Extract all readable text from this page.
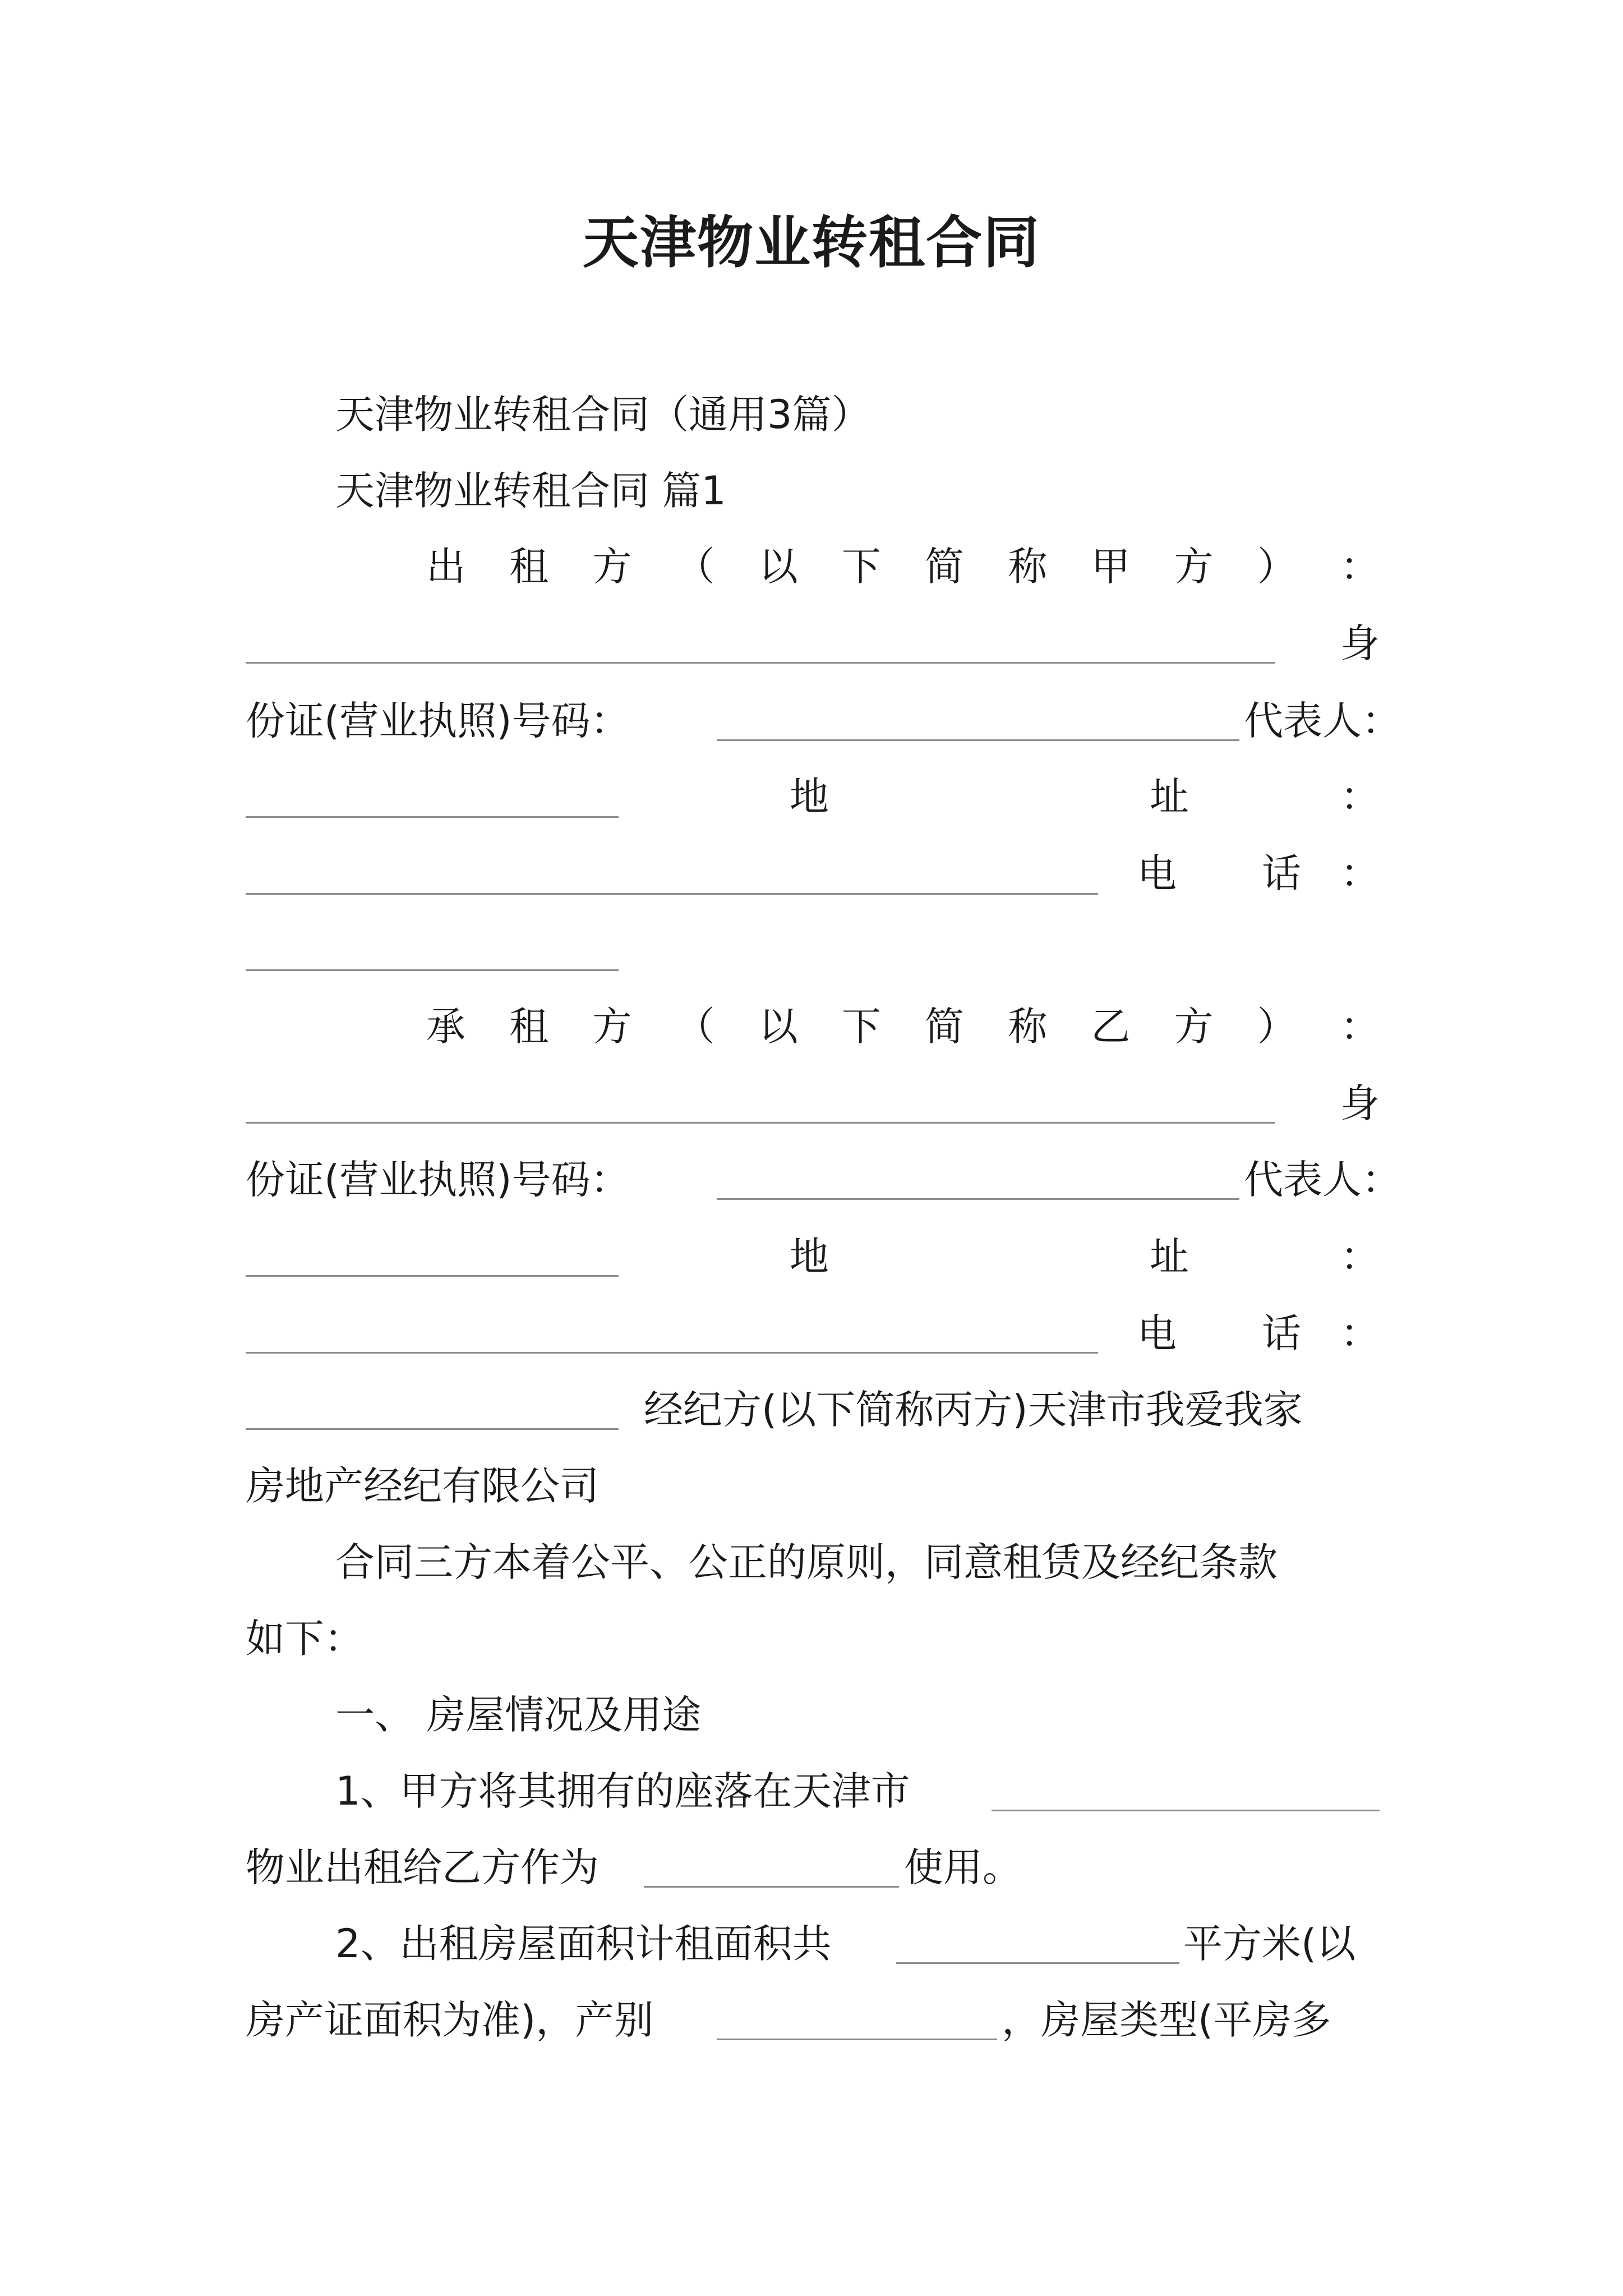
天津物业转租合同
天津物业转租合同（通用3篇）
天津物业转租合同 篇1
出 租 方 （ 以 下 简 称 甲 方 ） ：
身
份证(营业执照)号码：	代表人：
地	址	：
电 话 ：
承 租 方 （ 以 下 简 称 乙 方 ） ：
身
份证(营业执照)号码：	代表人：
地	址	：
电 话 ：
经纪方(以下简称丙方)天津市我爱我家
房地产经纪有限公司
合同三方本着公平、公正的原则，同意租赁及经纪条款
如下：
一、 房屋情况及用途
1、甲方将其拥有的座落在天津市
物业出租给乙方作为	使用。
2、出租房屋面积计租面积共	平方米(以
房产证面积为准)，产别	，房屋类型(平房多
